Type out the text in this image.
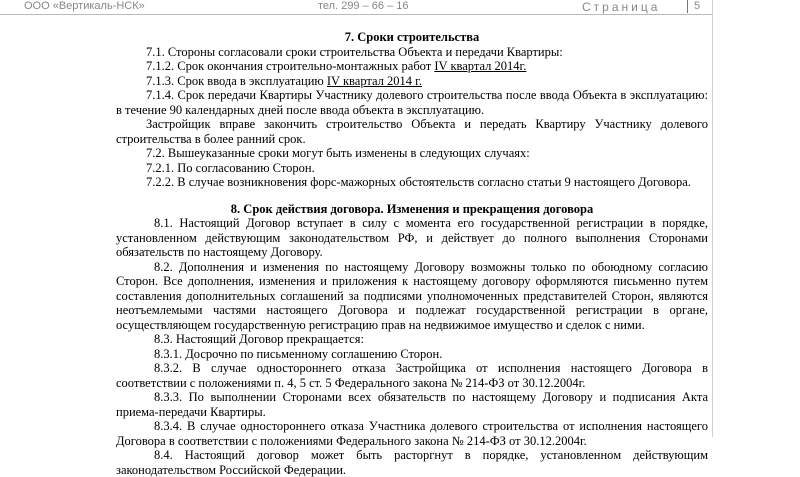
ООО «Вертикаль-НСК»	тел. 299 – 66 – 16	Страница	5

7. Сроки строительства

7.1. Стороны согласовали сроки строительства Объекта и передачи Квартиры:

7.1.2. Срок окончания строительно-монтажных работ IV квартал 2014г.

7.1.3. Срок ввода в эксплуатацию IV квартал 2014 г.

7.1.4. Срок передачи Квартиры Участнику долевого строительства после ввода Объекта в эксплуатацию: в течение 90 календарных дней после ввода объекта в эксплуатацию.

Застройщик вправе закончить строительство Объекта и передать Квартиру Участнику долевого строительства в более ранний срок.

7.2. Вышеуказанные сроки могут быть изменены в следующих случаях:

7.2.1. По согласованию Сторон.

7.2.2. В случае возникновения форс-мажорных обстоятельств согласно статьи 9 настоящего Договора.

8. Срок действия договора. Изменения и прекращения договора

8.1. Настоящий Договор вступает в силу с момента его государственной регистрации в порядке, установленном действующим законодательством РФ, и действует до полного выполнения Сторонами обязательств по настоящему Договору.

8.2. Дополнения и изменения по настоящему Договору возможны только по обоюдному согласию Сторон. Все дополнения, изменения и приложения к настоящему договору оформляются письменно путем составления дополнительных соглашений за подписями уполномоченных представителей Сторон, являются неотъемлемыми частями настоящего Договора и подлежат государственной регистрации в органе, осуществляющем государственную регистрацию прав на недвижимое имущество и сделок с ними.

8.3. Настоящий Договор прекращается:

8.3.1. Досрочно по письменному соглашению Сторон.

8.3.2. В случае одностороннего отказа Застройщика от исполнения настоящего Договора в соответствии с положениями п. 4, 5 ст. 5 Федерального закона № 214-ФЗ от 30.12.2004г.

8.3.3. По выполнении Сторонами всех обязательств по настоящему Договору и подписания Акта приема-передачи Квартиры.

8.3.4. В случае одностороннего отказа Участника долевого строительства от исполнения настоящего Договора в соответствии с положениями Федерального закона № 214-ФЗ от 30.12.2004г.

8.4. Настоящий договор может быть расторгнут в порядке, установленном действующим законодательством Российской Федерации.
